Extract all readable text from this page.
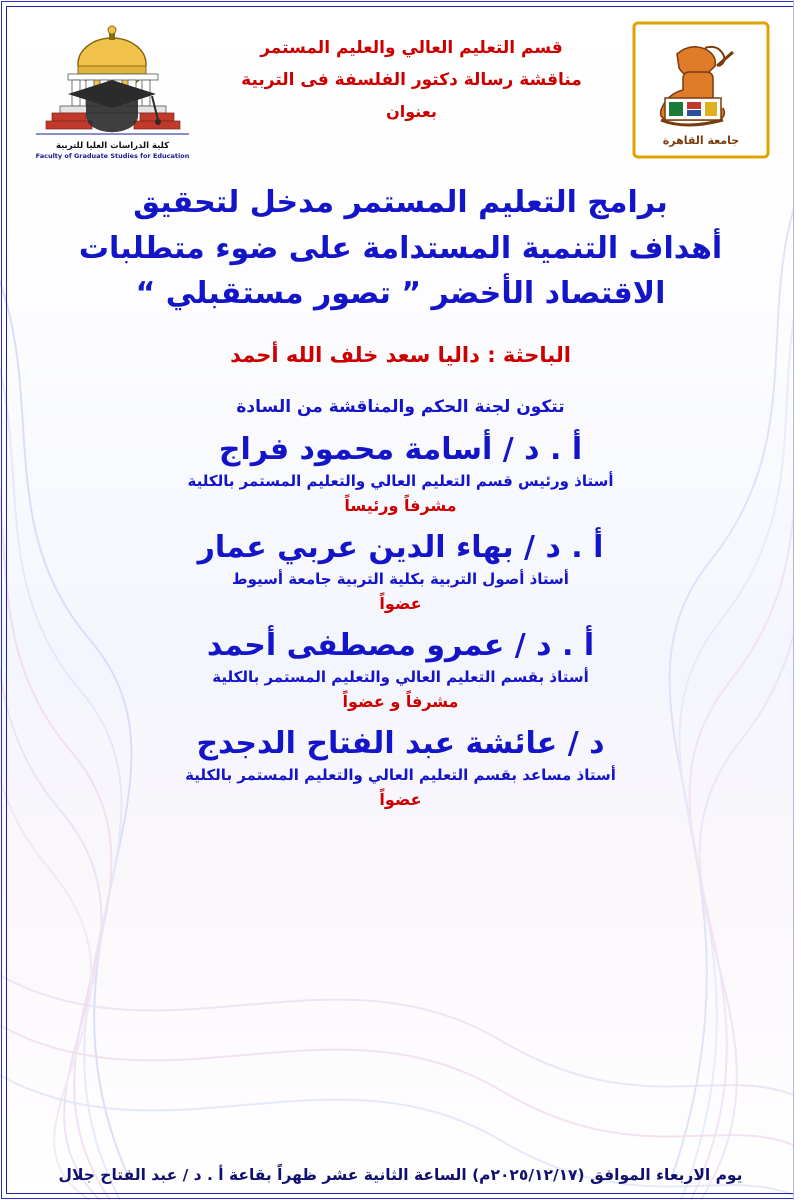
كلية الدراسات العليا للتربية
Faculty of Graduate Studies for Education
جامعة القاهرة
قسم التعليم العالي والعليم المستمر
مناقشة رسالة دكتور الفلسفة فى التربية
بعنوان
برامج التعليم المستمر مدخل لتحقيق
أهداف التنمية المستدامة على ضوء متطلبات
الاقتصاد الأخضر ” تصور مستقبلي “
الباحثة : داليا سعد خلف الله أحمد
تتكون لجنة الحكم والمناقشة من السادة
أ . د / أسامة محمود فراج
أستاذ ورئيس قسم التعليم العالي والتعليم المستمر بالكلية
مشرفاً ورئيساً
أ . د / بهاء الدين عربي عمار
أستاذ أصول التربية بكلية التربية جامعة أسيوط
عضواً
أ . د / عمرو مصطفى أحمد
أستاذ بقسم التعليم العالي والتعليم المستمر بالكلية
مشرفاً و عضواً
د / عائشة عبد الفتاح الدجدج
أستاذ مساعد بقسم التعليم العالي والتعليم المستمر بالكلية
عضواً
يوم الاربعاء الموافق (٢٠٢٥/١٢/١٧م) الساعة الثانية عشر ظهراً بقاعة أ . د / عبد الفتاح جلال
